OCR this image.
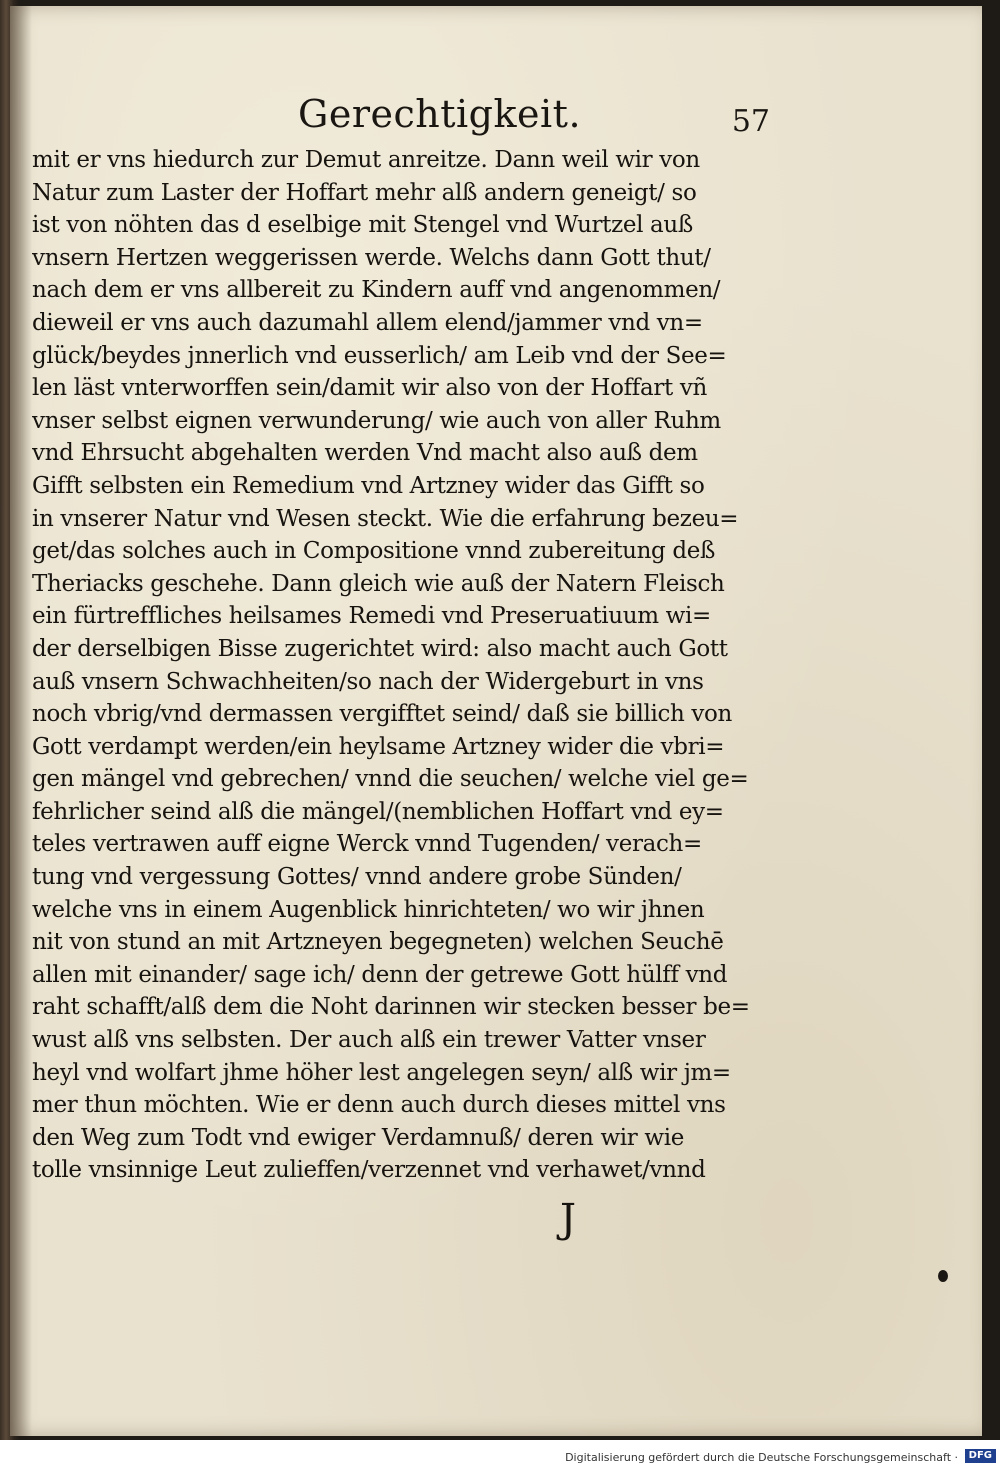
Gerechtigkeit.	57
mit er vns hiedurch zur Demut anreitze. Dann weil wir von
Natur zum Laster der Hoffart mehr alß andern geneigt/ so
ist von nöhten das d eselbige mit Stengel vnd Wurtzel auß
vnsern Hertzen weggerissen werde. Welchs dann Gott thut/
nach dem er vns allbereit zu Kindern auff vnd angenommen/
dieweil er vns auch dazumahl allem elend/jammer vnd vn=
glück/beydes jnnerlich vnd eusserlich/ am Leib vnd der See=
len läst vnterworffen sein/damit wir also von der Hoffart vñ
vnser selbst eignen verwunderung/ wie auch von aller Ruhm
vnd Ehrsucht abgehalten werden Vnd macht also auß dem
Gifft selbsten ein Remedium vnd Artzney wider das Gifft so
in vnserer Natur vnd Wesen steckt. Wie die erfahrung bezeu=
get/das solches auch in Compositione vnnd zubereitung deß
Theriacks geschehe. Dann gleich wie auß der Natern Fleisch
ein fürtreffliches heilsames Remedi vnd Preseruatiuum wi=
der derselbigen Bisse zugerichtet wird: also macht auch Gott
auß vnsern Schwachheiten/so nach der Widergeburt in vns
noch vbrig/vnd dermassen vergifftet seind/ daß sie billich von
Gott verdampt werden/ein heylsame Artzney wider die vbri=
gen mängel vnd gebrechen/ vnnd die seuchen/ welche viel ge=
fehrlicher seind alß die mängel/(nemblichen Hoffart vnd ey=
teles vertrawen auff eigne Werck vnnd Tugenden/ verach=
tung vnd vergessung Gottes/ vnnd andere grobe Sünden/
welche vns in einem Augenblick hinrichteten/ wo wir jhnen
nit von stund an mit Artzneyen begegneten) welchen Seuchē
allen mit einander/ sage ich/ denn der getrewe Gott hülff vnd
raht schafft/alß dem die Noht darinnen wir stecken besser be=
wust alß vns selbsten. Der auch alß ein trewer Vatter vnser
heyl vnd wolfart jhme höher lest angelegen seyn/ alß wir jm=
mer thun möchten. Wie er denn auch durch dieses mittel vns
den Weg zum Todt vnd ewiger Verdamnuß/ deren wir wie
tolle vnsinnige Leut zulieffen/verzennet vnd verhawet/vnnd
J
Digitalisierung gefördert durch die Deutsche Forschungsgemeinschaft ·	DFG
